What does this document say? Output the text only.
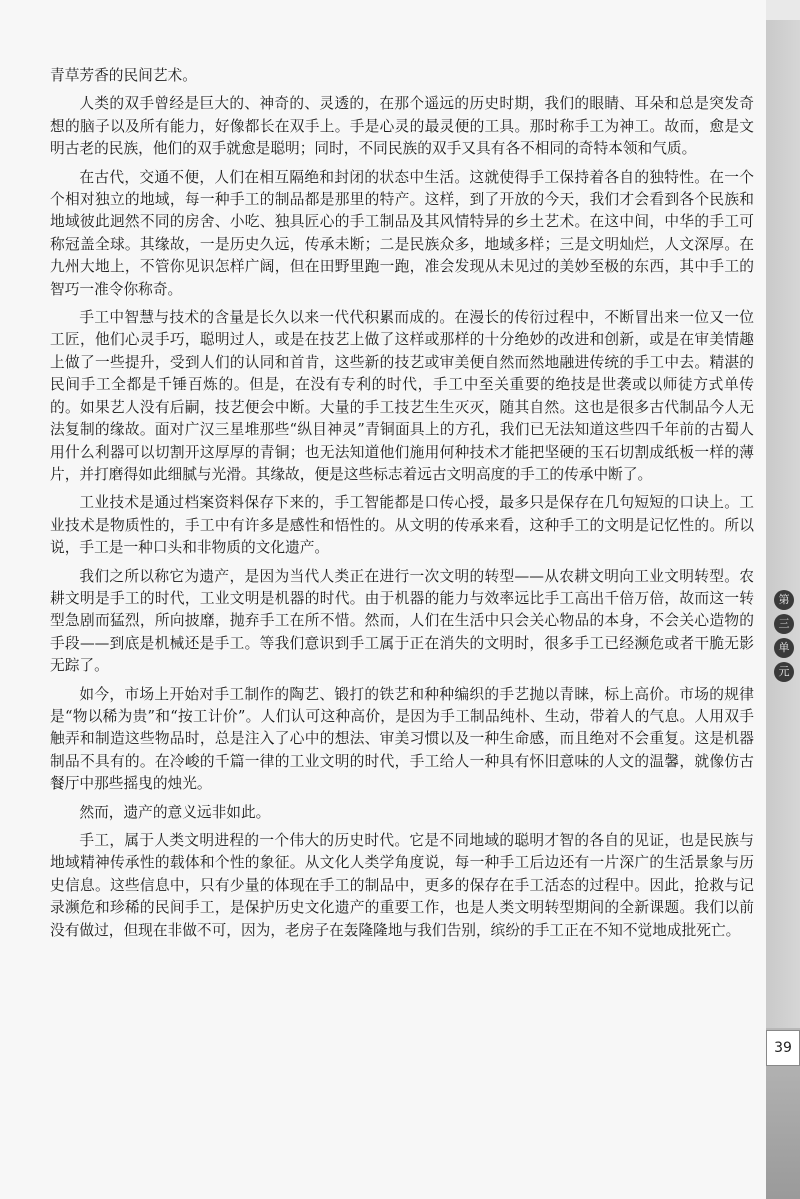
青草芳香的民间艺术。

人类的双手曾经是巨大的、神奇的、灵透的，在那个遥远的历史时期，我们的眼睛、耳朵和总是突发奇想的脑子以及所有能力，好像都长在双手上。手是心灵的最灵便的工具。那时称手工为神工。故而，愈是文明古老的民族，他们的双手就愈是聪明；同时，不同民族的双手又具有各不相同的奇特本领和气质。

在古代，交通不便，人们在相互隔绝和封闭的状态中生活。这就使得手工保持着各自的独特性。在一个个相对独立的地域，每一种手工的制品都是那里的特产。这样，到了开放的今天，我们才会看到各个民族和地域彼此迥然不同的房舍、小吃、独具匠心的手工制品及其风情特异的乡土艺术。在这中间，中华的手工可称冠盖全球。其缘故，一是历史久远，传承未断；二是民族众多，地域多样；三是文明灿烂，人文深厚。在九州大地上，不管你见识怎样广阔，但在田野里跑一跑，准会发现从未见过的美妙至极的东西，其中手工的智巧一准令你称奇。

手工中智慧与技术的含量是长久以来一代代积累而成的。在漫长的传衍过程中，不断冒出来一位又一位工匠，他们心灵手巧，聪明过人，或是在技艺上做了这样或那样的十分绝妙的改进和创新，或是在审美情趣上做了一些提升，受到人们的认同和首肯，这些新的技艺或审美便自然而然地融进传统的手工中去。精湛的民间手工全都是千锤百炼的。但是，在没有专利的时代，手工中至关重要的绝技是世袭或以师徒方式单传的。如果艺人没有后嗣，技艺便会中断。大量的手工技艺生生灭灭，随其自然。这也是很多古代制品今人无法复制的缘故。面对广汉三星堆那些“纵目神灵”青铜面具上的方孔，我们已无法知道这些四千年前的古蜀人用什么利器可以切割开这厚厚的青铜；也无法知道他们施用何种技术才能把坚硬的玉石切割成纸板一样的薄片，并打磨得如此细腻与光滑。其缘故，便是这些标志着远古文明高度的手工的传承中断了。

工业技术是通过档案资料保存下来的，手工智能都是口传心授，最多只是保存在几句短短的口诀上。工业技术是物质性的，手工中有许多是感性和悟性的。从文明的传承来看，这种手工的文明是记忆性的。所以说，手工是一种口头和非物质的文化遗产。

我们之所以称它为遗产，是因为当代人类正在进行一次文明的转型——从农耕文明向工业文明转型。农耕文明是手工的时代，工业文明是机器的时代。由于机器的能力与效率远比手工高出千倍万倍，故而这一转型急剧而猛烈，所向披靡，抛弃手工在所不惜。然而，人们在生活中只会关心物品的本身，不会关心造物的手段——到底是机械还是手工。等我们意识到手工属于正在消失的文明时，很多手工已经濒危或者干脆无影无踪了。

如今，市场上开始对手工制作的陶艺、锻打的铁艺和种种编织的手艺抛以青睐，标上高价。市场的规律是“物以稀为贵”和“按工计价”。人们认可这种高价，是因为手工制品纯朴、生动，带着人的气息。人用双手触弄和制造这些物品时，总是注入了心中的想法、审美习惯以及一种生命感，而且绝对不会重复。这是机器制品不具有的。在冷峻的千篇一律的工业文明的时代，手工给人一种具有怀旧意味的人文的温馨，就像仿古餐厅中那些摇曳的烛光。

然而，遗产的意义远非如此。

手工，属于人类文明进程的一个伟大的历史时代。它是不同地域的聪明才智的各自的见证，也是民族与地域精神传承性的载体和个性的象征。从文化人类学角度说，每一种手工后边还有一片深广的生活景象与历史信息。这些信息中，只有少量的体现在手工的制品中，更多的保存在手工活态的过程中。因此，抢救与记录濒危和珍稀的民间手工，是保护历史文化遗产的重要工作，也是人类文明转型期间的全新课题。我们以前没有做过，但现在非做不可，因为，老房子在轰隆隆地与我们告别，缤纷的手工正在不知不觉地成批死亡。

第
三
单
元
39
